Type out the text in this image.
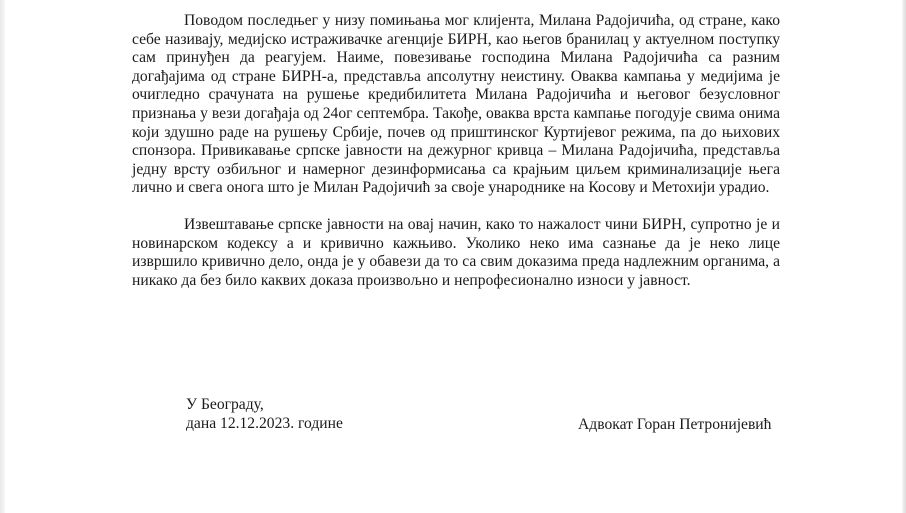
Поводом последњег у низу помињања мог клијента, Милана Радојичића, од стране, како себе називају, медијско истраживачке агенције БИРН, као његов бранилац у актуелном поступку сам принуђен да реагујем. Наиме, повезивање господина Милана Радојичића са разним догађајима од стране БИРН-а, представља апсолутну неистину. Оваква кампања у медијима је очигледно срачуната на рушење кредибилитета Милана Радојичића и његовог безусловног признања у вези догађаја од 24ог септембра. Такође, оваква врста кампање погодује свима онима који здушно раде на рушењу Србије, почев од приштинског Куртијевог режима, па до њихових спонзора. Привикавање српске јавности на дежурног кривца – Милана Радојичића, представља једну врсту озбиљног и намерног дезинформисања са крајњим циљем криминализације њега лично и свега онога што је Милан Радојичић за своје ународнике на Косову и Метохији урадио.

Извештавање српске јавности на овај начин, како то нажалост чини БИРН, супротно је и новинарском кодексу а и кривично кажњиво. Уколико неко има сазнање да је неко лице извршило кривично дело, онда је у обавези да то са свим доказима преда надлежним органима, а никако да без било каквих доказа произвољно и непрофесионално износи у јавност.

У Београду,
дана 12.12.2023. године	Адвокат Горан Петронијевић
